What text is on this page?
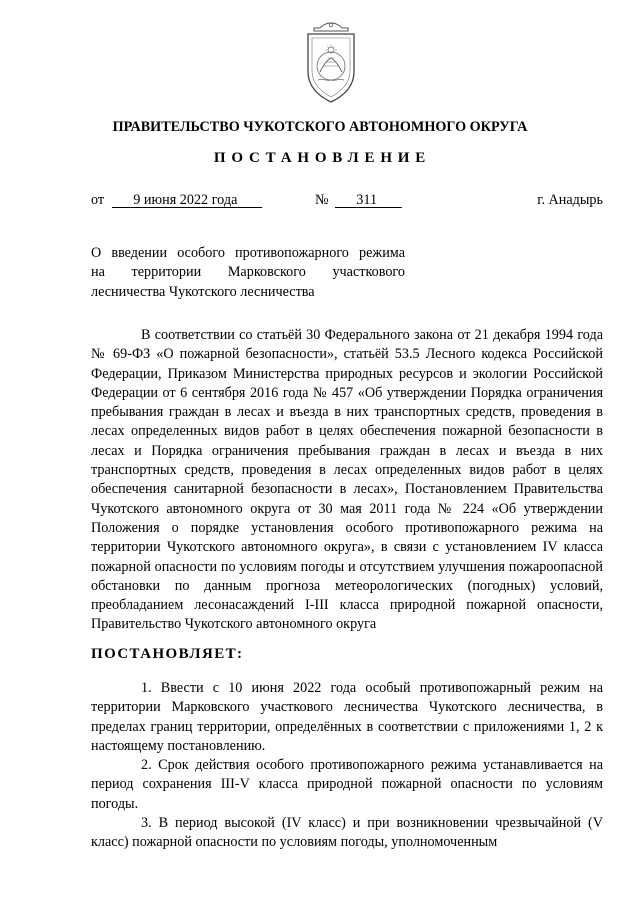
ПРАВИТЕЛЬСТВО ЧУКОТСКОГО АВТОНОМНОГО ОКРУГА
ПОСТАНОВЛЕНИЕ
от	9 июня 2022 года	№	311	г. Анадырь
О введении особого противопожарного режима
на территории Марковского участкового
лесничества Чукотского лесничества

В соответствии со статьёй 30 Федерального закона от 21 декабря 1994 года № 69-ФЗ «О пожарной безопасности», статьёй 53.5 Лесного кодекса Российской Федерации, Приказом Министерства природных ресурсов и экологии Российской Федерации от 6 сентября 2016 года № 457 «Об утверждении Порядка ограничения пребывания граждан в лесах и въезда в них транспортных средств, проведения в лесах определенных видов работ в целях обеспечения пожарной безопасности в лесах и Порядка ограничения пребывания граждан в лесах и въезда в них транспортных средств, проведения в лесах определенных видов работ в целях обеспечения санитарной безопасности в лесах», Постановлением Правительства Чукотского автономного округа от 30 мая 2011 года № 224 «Об утверждении Положения о порядке установления особого противопожарного режима на территории Чукотского автономного округа», в связи с установлением IV класса пожарной опасности по условиям погоды и отсутствием улучшения пожароопасной обстановки по данным прогноза метеорологических (погодных) условий, преобладанием лесонасаждений I-III класса природной пожарной опасности, Правительство Чукотского автономного округа

ПОСТАНОВЛЯЕТ:

1. Ввести с 10 июня 2022 года особый противопожарный режим на территории Марковского участкового лесничества Чукотского лесничества, в пределах границ территории, определённых в соответствии с приложениями 1, 2 к настоящему постановлению.

2. Срок действия особого противопожарного режима устанавливается на период сохранения III-V класса природной пожарной опасности по условиям погоды.

3. В период высокой (IV класс) и при возникновении чрезвычайной (V класс) пожарной опасности по условиям погоды, уполномоченным
